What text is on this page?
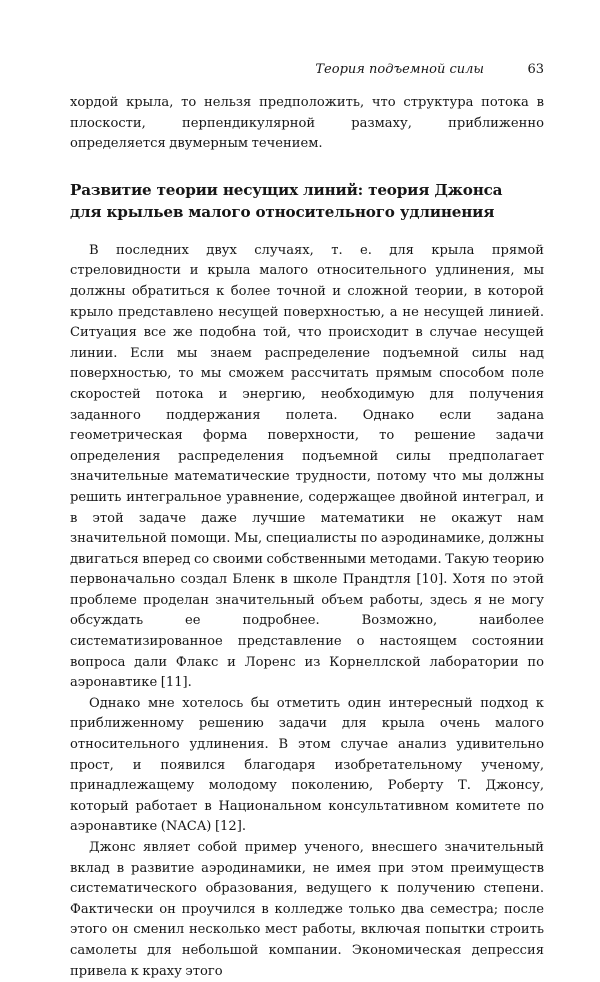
Теория подъемной силы	63

хордой крыла, то нельзя предположить, что структура потока в плоскости, перпендикулярной размаху, приближенно определяется двумерным течением.

Развитие теории несущих линий: теория Джонса
для крыльев малого относительного удлинения

В последних двух случаях, т. е. для крыла прямой стреловидности и крыла малого относительного удлинения, мы должны обратиться к более точной и сложной теории, в которой крыло представлено несущей поверхностью, а не несущей линией. Ситуация все же подобна той, что происходит в случае несущей линии. Если мы знаем распределение подъемной силы над поверхностью, то мы сможем рассчитать прямым способом поле скоростей потока и энергию, необходимую для получения заданного поддержания полета. Однако если задана геометрическая форма поверхности, то решение задачи определения распределения подъемной силы предполагает значительные математические трудности, потому что мы должны решить интегральное уравнение, содержащее двойной интеграл, и в этой задаче даже лучшие математики не окажут нам значительной помощи. Мы, специалисты по аэродинамике, должны двигаться вперед со своими собственными методами. Такую теорию первоначально создал Бленк в школе Прандтля [10]. Хотя по этой проблеме проделан значительный объем работы, здесь я не могу обсуждать ее подробнее. Возможно, наиболее систематизированное представление о настоящем состоянии вопроса дали Флакс и Лоренс из Корнеллской лаборатории по аэронавтике [11].

Однако мне хотелось бы отметить один интересный подход к приближенному решению задачи для крыла очень малого относительного удлинения. В этом случае анализ удивительно прост, и появился благодаря изобретательному ученому, принадлежащему молодому поколению, Роберту Т. Джонсу, который работает в Национальном консультативном комитете по аэронавтике (NACA) [12].

Джонс являет собой пример ученого, внесшего значительный вклад в развитие аэродинамики, не имея при этом преимуществ систематического образования, ведущего к получению степени. Фактически он проучился в колледже только два семестра; после этого он сменил несколько мест работы, включая попытки строить самолеты для небольшой компании. Экономическая депрессия привела к краху этого
